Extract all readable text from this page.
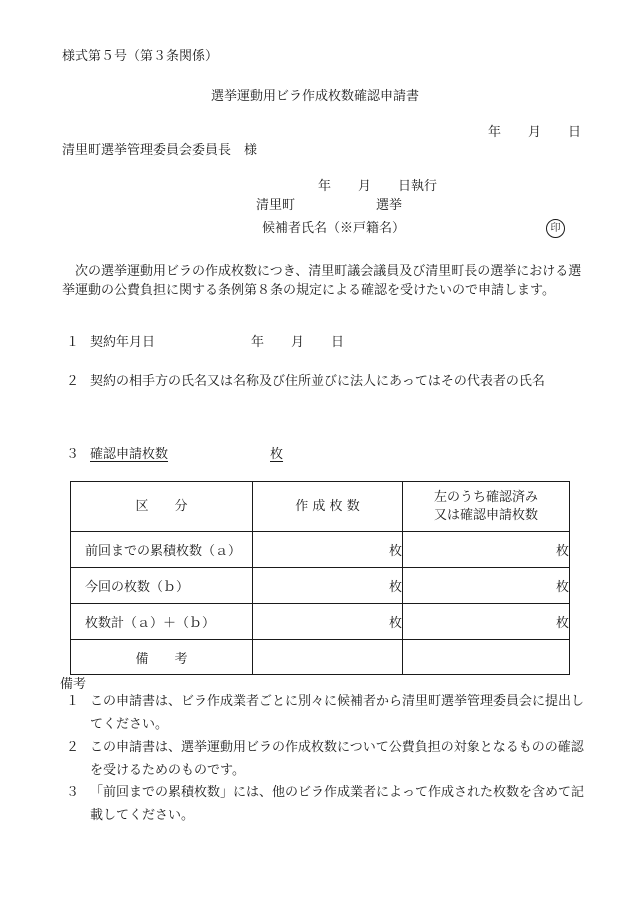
様式第５号（第３条関係）
選挙運動用ビラ作成枚数確認申請書
年 月 日
清里町選挙管理委員会委員長　様
年 月 日執行
清里町	選挙
候補者氏名（※戸籍名）	印
次の選挙運動用ビラの作成枚数につき、清里町議会議員及び清里町長の選挙における選挙運動の公費負担に関する条例第８条の規定による確認を受けたいので申請します。
１ 契約年月日	年 月 日
２ 契約の相手方の氏名又は名称及び住所並びに法人にあってはその代表者の氏名
３ 確認申請枚数	枚
区　　分	作 成 枚 数	左のうち確認済み
又は確認申請枚数

前回までの累積枚数（ａ）	枚	枚
今回の枚数（ｂ）	枚	枚
枚数計（ａ）＋（ｂ）	枚	枚
備　　考		
備考
１ この申請書は、ビラ作成業者ごとに別々に候補者から清里町選挙管理委員会に提出してください。
２ この申請書は、選挙運動用ビラの作成枚数について公費負担の対象となるものの確認を受けるためのものです。
３ 「前回までの累積枚数」には、他のビラ作成業者によって作成された枚数を含めて記載してください。
